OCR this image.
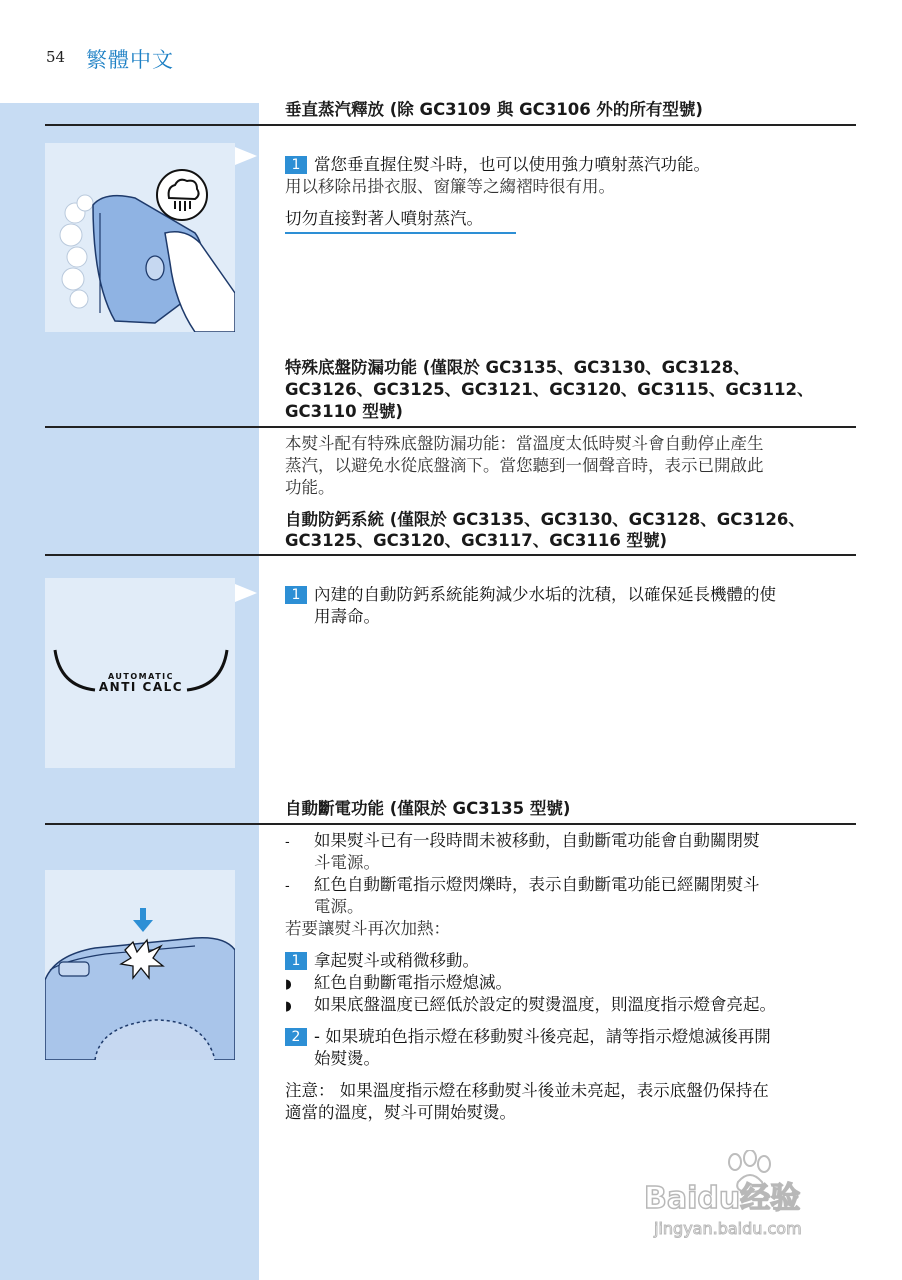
54 繁體中文
垂直蒸汽釋放 (除 GC3109 與 GC3106 外的所有型號)
1 當您垂直握住熨斗時，也可以使用強力噴射蒸汽功能。
用以移除吊掛衣服、窗簾等之縐褶時很有用。
切勿直接對著人噴射蒸汽。
特殊底盤防漏功能 (僅限於 GC3135、GC3130、GC3128、
GC3126、GC3125、GC3121、GC3120、GC3115、GC3112、
GC3110 型號)
本熨斗配有特殊底盤防漏功能：當溫度太低時熨斗會自動停止產生
蒸汽，以避免水從底盤滴下。當您聽到一個聲音時，表示已開啟此
功能。
自動防鈣系統 (僅限於 GC3135、GC3130、GC3128、GC3126、
GC3125、GC3120、GC3117、GC3116 型號)
AUTOMATIC
ANTI CALC
1 內建的自動防鈣系統能夠減少水垢的沈積，以確保延長機體的使
用壽命。
自動斷電功能 (僅限於 GC3135 型號)
- 如果熨斗已有一段時間未被移動，自動斷電功能會自動關閉熨
斗電源。
- 紅色自動斷電指示燈閃爍時，表示自動斷電功能已經關閉熨斗
電源。
若要讓熨斗再次加熱：
1 拿起熨斗或稍微移動。
◗ 紅色自動斷電指示燈熄滅。
◗ 如果底盤溫度已經低於設定的熨燙溫度，則溫度指示燈會亮起。
2 - 如果琥珀色指示燈在移動熨斗後亮起，請等指示燈熄滅後再開
始熨燙。
注意： 如果溫度指示燈在移動熨斗後並未亮起，表示底盤仍保持在
適當的溫度，熨斗可開始熨燙。
Baidu经验
jingyan.baidu.com
